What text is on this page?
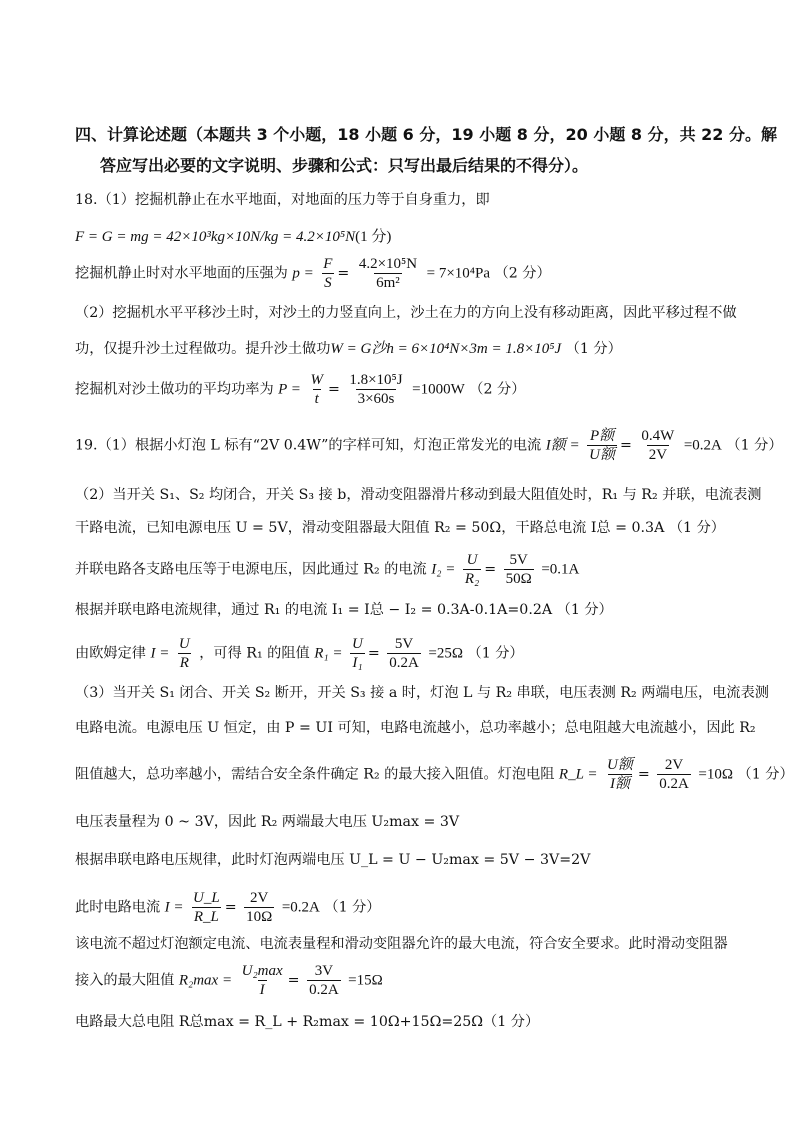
四、计算论述题（本题共 3 个小题，18 小题 6 分，19 小题 8 分，20 小题 8 分，共 22 分。解
答应写出必要的文字说明、步骤和公式：只写出最后结果的不得分）。
18.（1）挖掘机静止在水平地面，对地面的压力等于自身重力，即
F = G = mg = 42×10³kg×10N/kg = 4.2×10⁵N(1 分)
挖掘机静止时对水平地面的压强为 $p = \frac{F}{S} = \frac{\text{4.2×10⁵N}}{\text{6m²}} = 7\times 10^4Pa$ （2 分）
（2）挖掘机水平平移沙土时，对沙土的力竖直向上，沙土在力的方向上没有移动距离，因此平移过程不做
功，仅提升沙土过程做功。提升沙土做功W = G沙h = 6×10⁴N×3m = 1.8×10⁵J （1 分）
挖掘机对沙土做功的平均功率为 $P = \frac{W}{t} = \frac{\text{1.8×10⁵J}}{3\times 60s} =1000W$ （2 分）
19.（1）根据小灯泡 L 标有“2V 0.4W”的字样可知，灯泡正常发光的电流 I额 =
P额
U额
= $\frac{0.4W}{2V} =0.2A$ （1 分）
（2）当开关 S₁、S₂ 均闭合，开关 S₃ 接 b，滑动变阻器滑片移动到最大阻值处时，R₁ 与 R₂ 并联，电流表测
干路电流，已知电源电压 U = 5V，滑动变阻器最大阻值 R₂ = 50Ω，干路总电流 I总 = 0.3A （1 分）
并联电路各支路电压等于电源电压，因此通过 R₂ 的电流 $I_2 = \frac{U}{\text{R₂}} = \frac{5V}{50\Omega} =0.1A$
根据并联电路电流规律，通过 R₁ 的电流 I₁ = I总 − I₂ = 0.3A-0.1A=0.2A （1 分）
由欧姆定律 $I = \frac{U}{R}$ ，可得 R₁ 的阻值 $R_1 = \frac{U}{\text{I₁}} = \frac{5V}{0.2A} =25\Omega$ （1 分）
（3）当开关 S₁ 闭合、开关 S₂ 断开，开关 S₃ 接 a 时，灯泡 L 与 R₂ 串联，电压表测 R₂ 两端电压，电流表测
电路电流。电源电压 U 恒定，由 P = UI 可知，电路电流越小，总功率越小；总电阻越大电流越小，因此 R₂
阻值越大，总功率越小，需结合安全条件确定 R₂ 的最大接入阻值。灯泡电阻 R_L =
U额
I额
= $\frac{2V}{0.2A} =10\Omega$ （1 分）
电压表量程为 0 ~ 3V，因此 R₂ 两端最大电压 U₂max = 3V
根据串联电路电压规律，此时灯泡两端电压 U_L = U − U₂max = 5V − 3V=2V
此时电路电流 $I = \frac{U\_L}{R\_L} = \frac{2V}{10\Omega} =0.2A$ （1 分）
该电流不超过灯泡额定电流、电流表量程和滑动变阻器允许的最大电流，符合安全要求。此时滑动变阻器
接入的最大阻值 R₂max =
U₂max
I
= $\frac{3V}{0.2A} =15\Omega$
电路最大总电阻 R总max = R_L + R₂max = 10Ω+15Ω=25Ω（1 分）
